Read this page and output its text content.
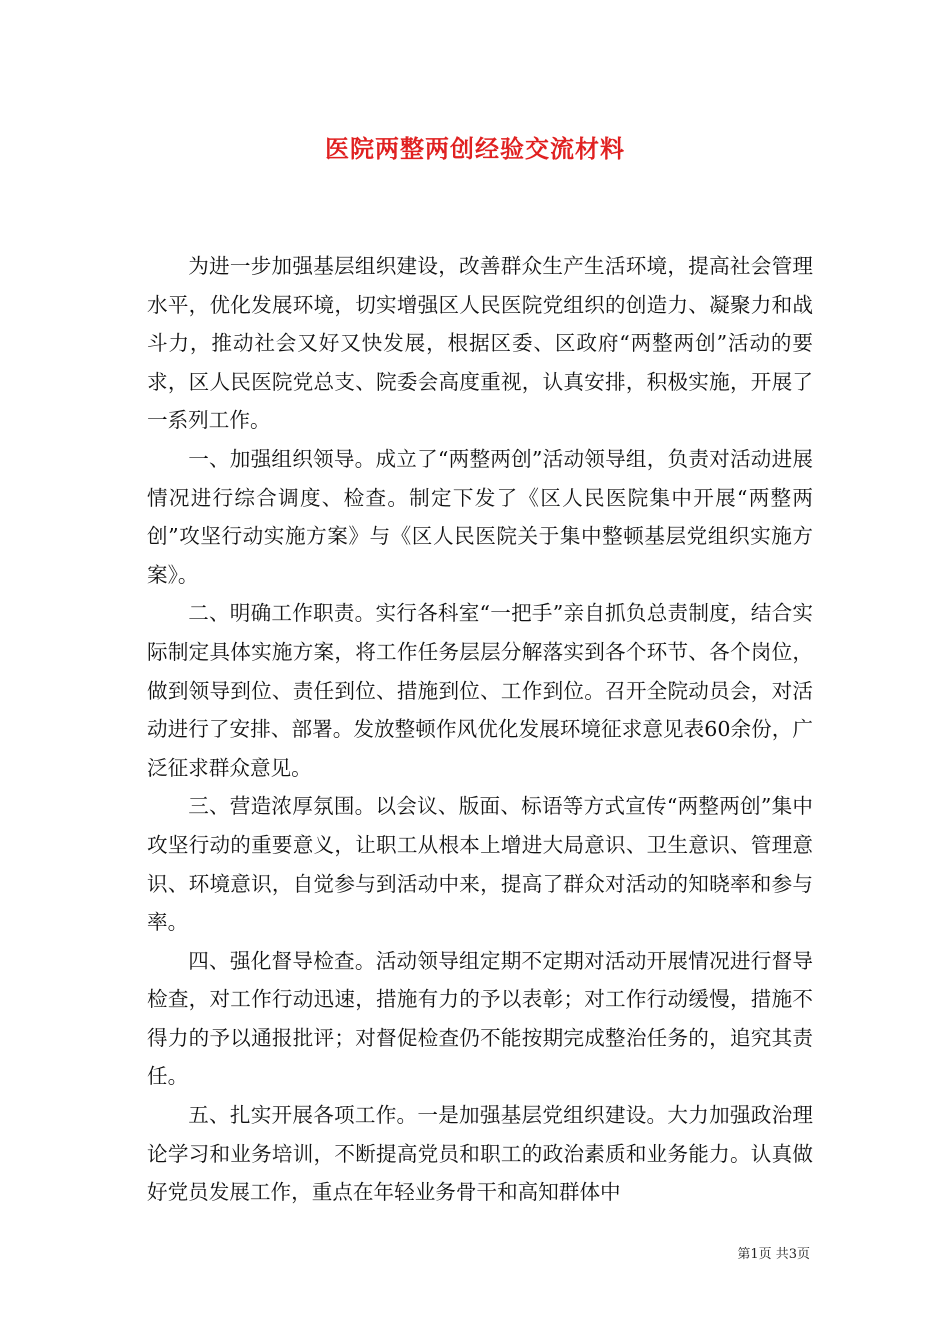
医院两整两创经验交流材料

为进一步加强基层组织建设，改善群众生产生活环境，提高社会管理水平，优化发展环境，切实增强区人民医院党组织的创造力、凝聚力和战斗力，推动社会又好又快发展，根据区委、区政府“两整两创”活动的要求，区人民医院党总支、院委会高度重视，认真安排，积极实施，开展了一系列工作。

一、加强组织领导。成立了“两整两创”活动领导组，负责对活动进展情况进行综合调度、检查。制定下发了《区人民医院集中开展“两整两创”攻坚行动实施方案》与《区人民医院关于集中整顿基层党组织实施方案》。

二、明确工作职责。实行各科室“一把手”亲自抓负总责制度，结合实际制定具体实施方案，将工作任务层层分解落实到各个环节、各个岗位，做到领导到位、责任到位、措施到位、工作到位。召开全院动员会，对活动进行了安排、部署。发放整顿作风优化发展环境征求意见表60余份，广泛征求群众意见。

三、营造浓厚氛围。以会议、版面、标语等方式宣传“两整两创”集中攻坚行动的重要意义，让职工从根本上增进大局意识、卫生意识、管理意识、环境意识，自觉参与到活动中来，提高了群众对活动的知晓率和参与率。

四、强化督导检查。活动领导组定期不定期对活动开展情况进行督导检查，对工作行动迅速，措施有力的予以表彰；对工作行动缓慢，措施不得力的予以通报批评；对督促检查仍不能按期完成整治任务的，追究其责任。

五、扎实开展各项工作。一是加强基层党组织建设。大力加强政治理论学习和业务培训，不断提高党员和职工的政治素质和业务能力。认真做好党员发展工作，重点在年轻业务骨干和高知群体中

第1页 共3页
